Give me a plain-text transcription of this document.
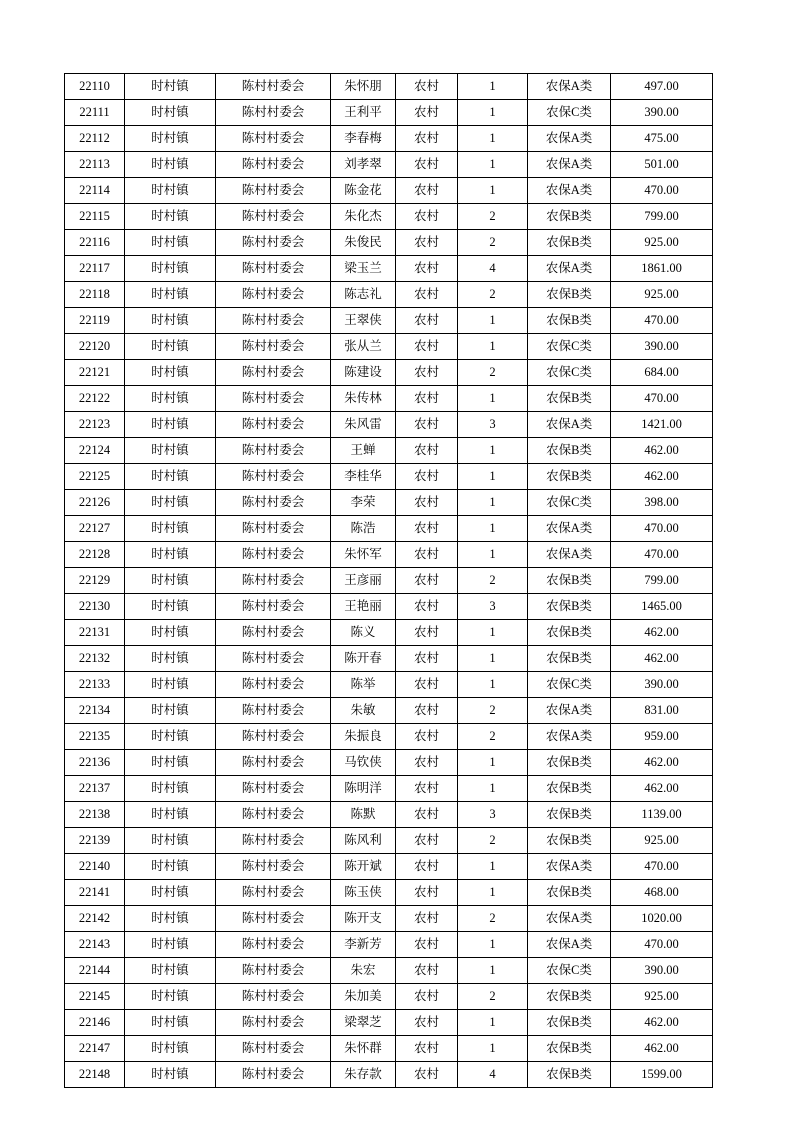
22110	时村镇	陈村村委会	朱怀朋	农村	1	农保A类	497.00
22111	时村镇	陈村村委会	王利平	农村	1	农保C类	390.00
22112	时村镇	陈村村委会	李春梅	农村	1	农保A类	475.00
22113	时村镇	陈村村委会	刘孝翠	农村	1	农保A类	501.00
22114	时村镇	陈村村委会	陈金花	农村	1	农保A类	470.00
22115	时村镇	陈村村委会	朱化杰	农村	2	农保B类	799.00
22116	时村镇	陈村村委会	朱俊民	农村	2	农保B类	925.00
22117	时村镇	陈村村委会	梁玉兰	农村	4	农保A类	1861.00
22118	时村镇	陈村村委会	陈志礼	农村	2	农保B类	925.00
22119	时村镇	陈村村委会	王翠侠	农村	1	农保B类	470.00
22120	时村镇	陈村村委会	张从兰	农村	1	农保C类	390.00
22121	时村镇	陈村村委会	陈建设	农村	2	农保C类	684.00
22122	时村镇	陈村村委会	朱传林	农村	1	农保B类	470.00
22123	时村镇	陈村村委会	朱风雷	农村	3	农保A类	1421.00
22124	时村镇	陈村村委会	王蝉	农村	1	农保B类	462.00
22125	时村镇	陈村村委会	李桂华	农村	1	农保B类	462.00
22126	时村镇	陈村村委会	李荣	农村	1	农保C类	398.00
22127	时村镇	陈村村委会	陈浩	农村	1	农保A类	470.00
22128	时村镇	陈村村委会	朱怀军	农村	1	农保A类	470.00
22129	时村镇	陈村村委会	王彦丽	农村	2	农保B类	799.00
22130	时村镇	陈村村委会	王艳丽	农村	3	农保B类	1465.00
22131	时村镇	陈村村委会	陈义	农村	1	农保B类	462.00
22132	时村镇	陈村村委会	陈开春	农村	1	农保B类	462.00
22133	时村镇	陈村村委会	陈举	农村	1	农保C类	390.00
22134	时村镇	陈村村委会	朱敏	农村	2	农保A类	831.00
22135	时村镇	陈村村委会	朱振良	农村	2	农保A类	959.00
22136	时村镇	陈村村委会	马钦侠	农村	1	农保B类	462.00
22137	时村镇	陈村村委会	陈明洋	农村	1	农保B类	462.00
22138	时村镇	陈村村委会	陈默	农村	3	农保B类	1139.00
22139	时村镇	陈村村委会	陈风利	农村	2	农保B类	925.00
22140	时村镇	陈村村委会	陈开斌	农村	1	农保A类	470.00
22141	时村镇	陈村村委会	陈玉侠	农村	1	农保B类	468.00
22142	时村镇	陈村村委会	陈开支	农村	2	农保A类	1020.00
22143	时村镇	陈村村委会	李新芳	农村	1	农保A类	470.00
22144	时村镇	陈村村委会	朱宏	农村	1	农保C类	390.00
22145	时村镇	陈村村委会	朱加美	农村	2	农保B类	925.00
22146	时村镇	陈村村委会	梁翠芝	农村	1	农保B类	462.00
22147	时村镇	陈村村委会	朱怀群	农村	1	农保B类	462.00
22148	时村镇	陈村村委会	朱存款	农村	4	农保B类	1599.00
